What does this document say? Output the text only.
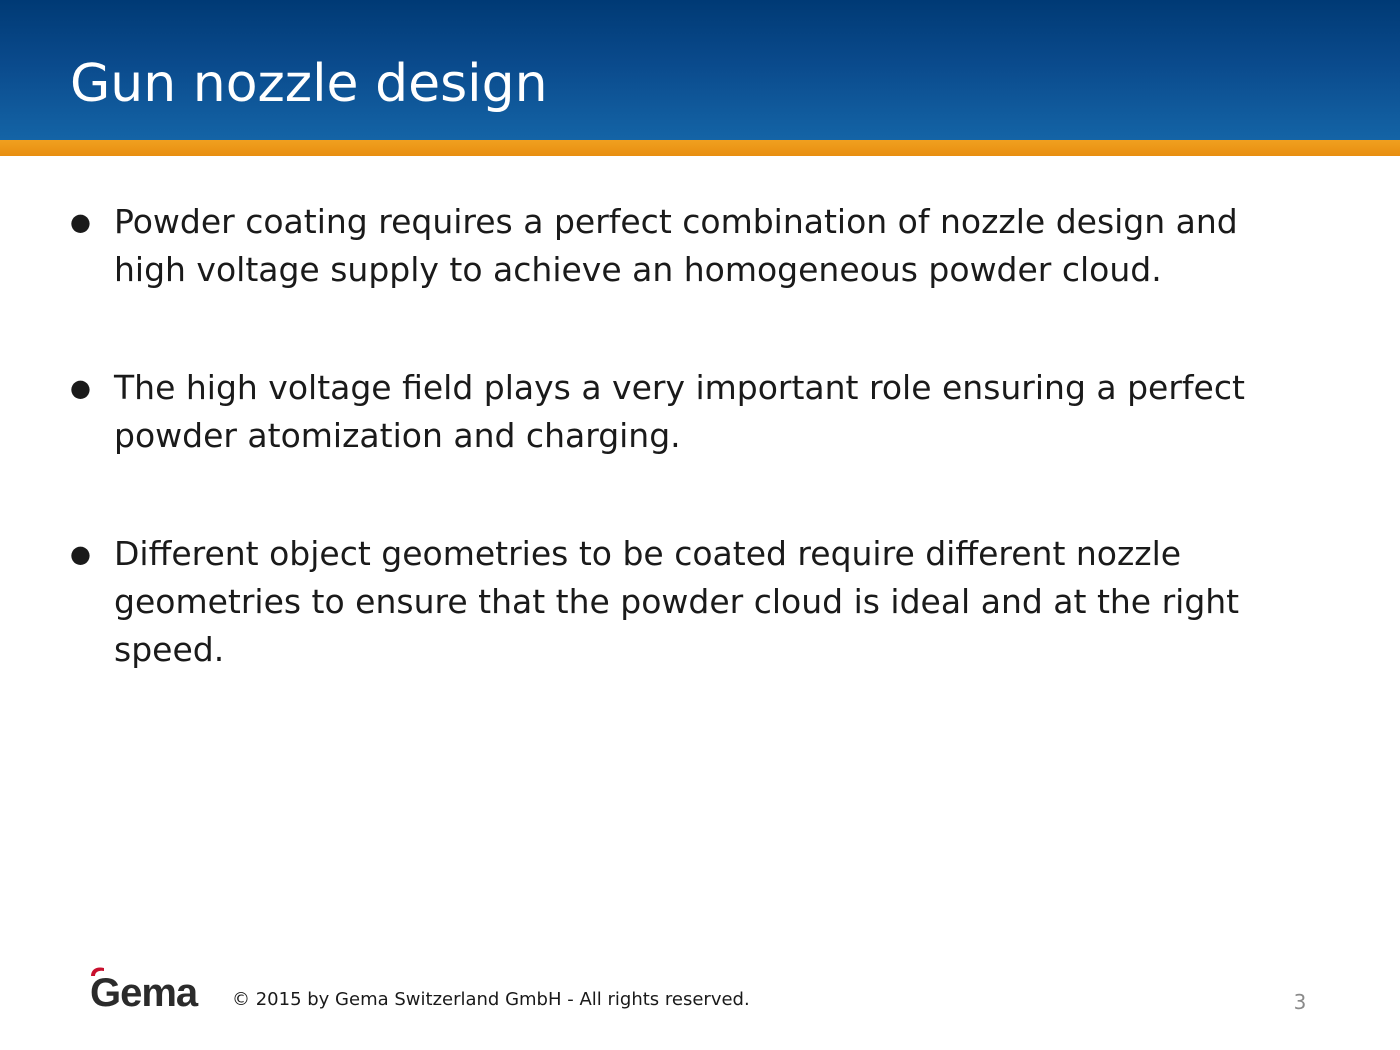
Gun nozzle design
● Powder coating requires a perfect combination of nozzle design and high voltage supply to achieve an homogeneous powder cloud.
● The high voltage field plays a very important role ensuring a perfect powder atomization and charging.
● Different object geometries to be coated require different nozzle geometries to ensure that the powder cloud is ideal and at the right speed.
Gema © 2015 by Gema Switzerland GmbH - All rights reserved.	3
